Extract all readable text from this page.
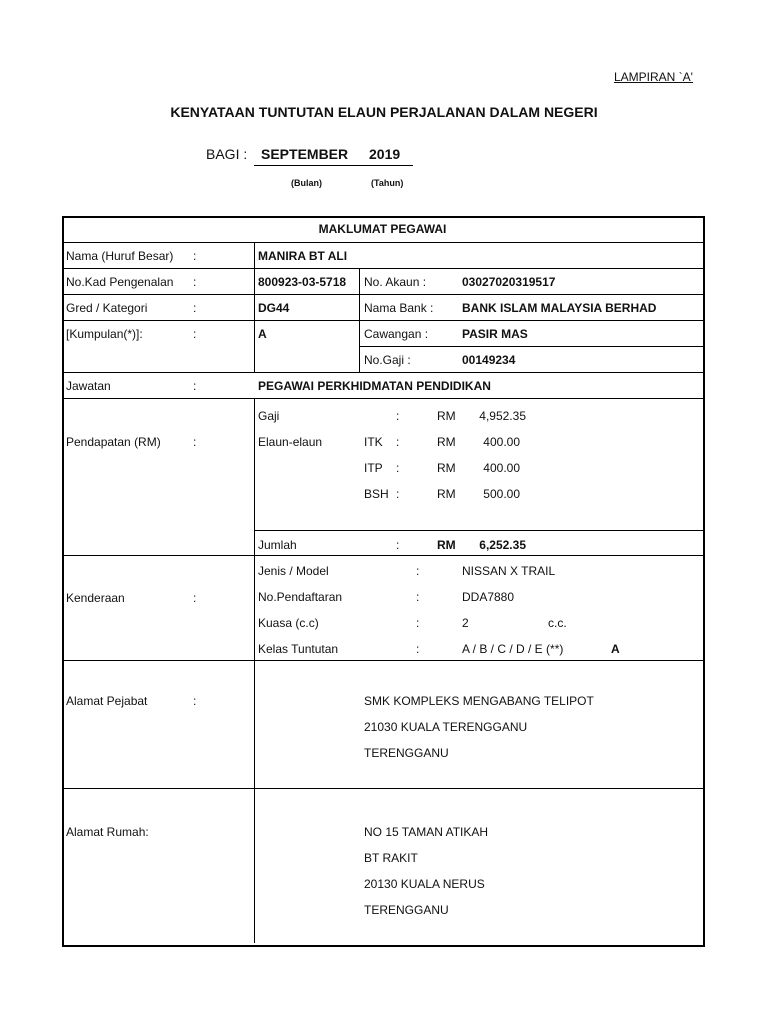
LAMPIRAN `A'
KENYATAAN TUNTUTAN ELAUN PERJALANAN DALAM NEGERI
BAGI : SEPTEMBER 2019
(Bulan)	(Tahun)
MAKLUMAT PEGAWAI
Nama (Huruf Besar) :	MANIRA BT ALI
No.Kad Pengenalan :	800923-03-5718 No. Akaun :	03027020319517
Gred / Kategori	:	DG44	Nama Bank : BANK ISLAM MALAYSIA BERHAD
[Kumpulan(*)]:	:	A	Cawangan :	PASIR MAS
No.Gaji :	00149234
Jawatan	:	PEGAWAI PERKHIDMATAN PENDIDIKAN
Pendapatan (RM)	:
Gaji	:	RM	4,952.35
Elaun-elaun	ITK :	RM	400.00
ITP :	RM	400.00
BSH :	RM	500.00
Jumlah	:	RM	6,252.35
Kenderaan	:
Jenis / Model	:	NISSAN X TRAIL
No.Pendaftaran	:	DDA7880
Kuasa (c.c)	:	2	c.c.
Kelas Tuntutan	:	A / B / C / D / E (**)	A
Alamat Pejabat	:	SMK KOMPLEKS MENGABANG TELIPOT
21030 KUALA TERENGGANU
TERENGGANU
Alamat Rumah:	NO 15 TAMAN ATIKAH
BT RAKIT
20130 KUALA NERUS
TERENGGANU
